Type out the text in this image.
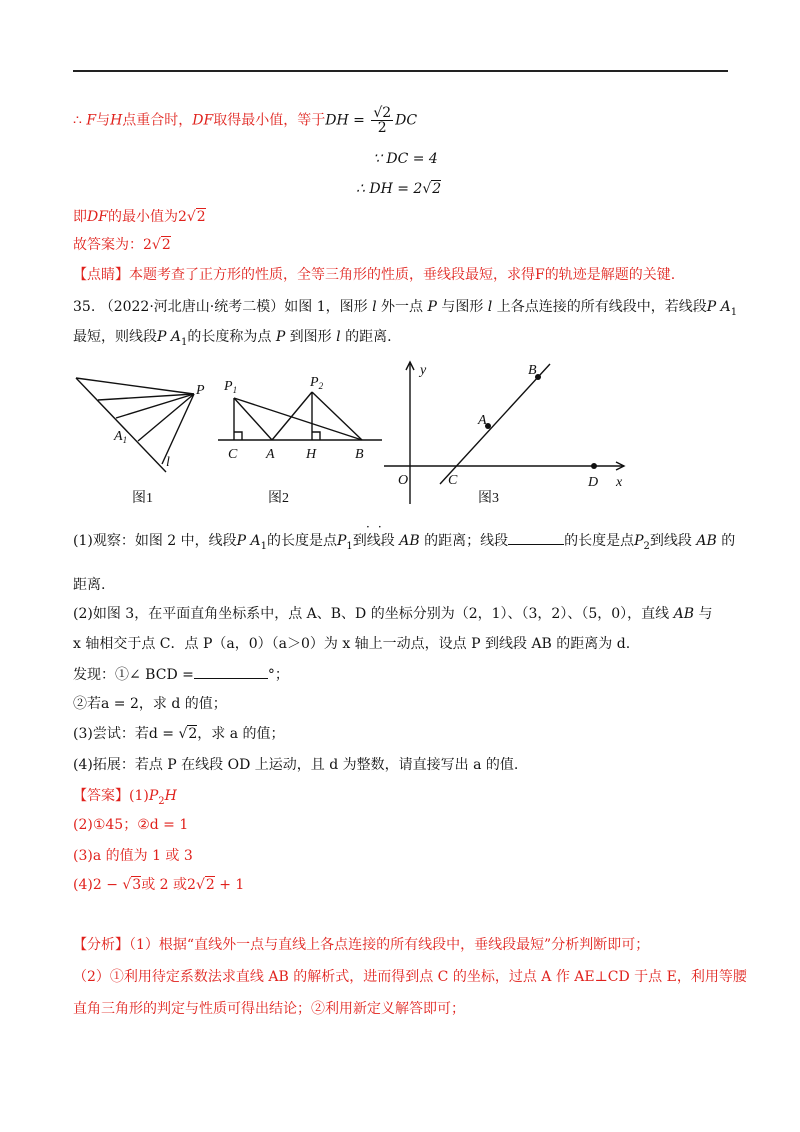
∴ F与H点重合时，DF取得最小值，等于DH = $\frac{√2}{2}$ DC
∵ DC = 4
∴ DH = 2√2
即DF的最小值为2√2
故答案为：2√2
【点睛】本题考查了正方形的性质，全等三角形的性质，垂线段最短，求得F的轨迹是解题的关键.
35. （2022·河北唐山·统考二模）如图 1，图形 l 外一点 P 与图形 l 上各点连接的所有线段中，若线段P $A_1$
最短，则线段P $A_1$的长度称为点 P 到图形 l 的距离.
P
$A_1$
l
图1
$P_1$	$P_2$
C A H	B
图2
y
x
O	C	D
A
B
图3
··
(1)观察：如图 2 中，线段P $A_1$的长度是点$P_1$到线段 AB 的距离；线段	的长度是点$P_2$到线段 AB 的
距离.
(2)如图 3，在平面直角坐标系中，点 A、B、D 的坐标分别为（2，1）、（3，2）、（5，0），直线 AB 与
x 轴相交于点 C．点 P（a，0）（a＞0）为 x 轴上一动点，设点 P 到线段 AB 的距离为 d.
发现：①∠ BCD =	°；
②若a = 2，求 d 的值；
(3)尝试：若d = √2，求 a 的值；
(4)拓展：若点 P 在线段 OD 上运动，且 d 为整数，请直接写出 a 的值.
【答案】$(1)P_2H$
(2)①45；②d = 1
(3)a 的值为 1 或 3
(4)2 − √3或 2 或2√2 + 1
【分析】（1）根据“直线外一点与直线上各点连接的所有线段中，垂线段最短”分析判断即可；
（2）①利用待定系数法求直线 AB 的解析式，进而得到点 C 的坐标，过点 A 作 AE⊥CD 于点 E，利用等腰
直角三角形的判定与性质可得出结论；②利用新定义解答即可；
